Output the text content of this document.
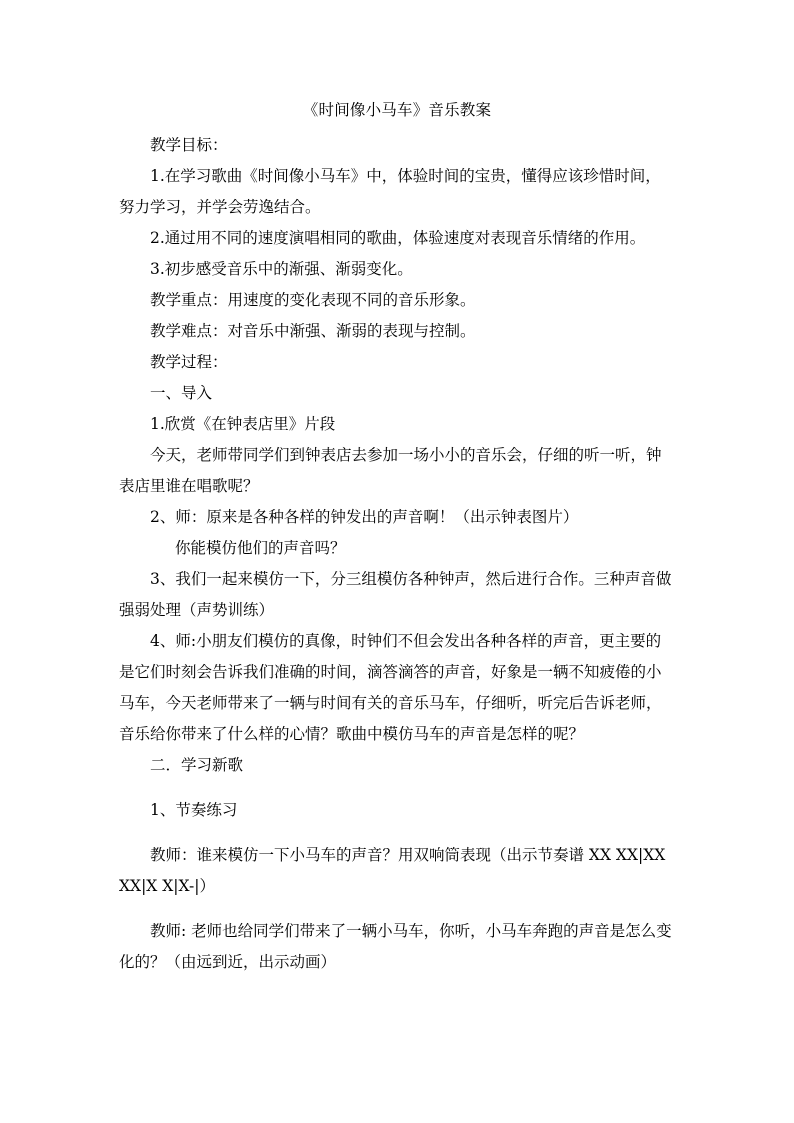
《时间像小马车》音乐教案

教学目标：

1.在学习歌曲《时间像小马车》中，体验时间的宝贵，懂得应该珍惜时间，努力学习，并学会劳逸结合。

2.通过用不同的速度演唱相同的歌曲，体验速度对表现音乐情绪的作用。

3.初步感受音乐中的渐强、渐弱变化。

教学重点：用速度的变化表现不同的音乐形象。

教学难点：对音乐中渐强、渐弱的表现与控制。

教学过程：

一、导入

1.欣赏《在钟表店里》片段

今天，老师带同学们到钟表店去参加一场小小的音乐会，仔细的听一听，钟表店里谁在唱歌呢？

2、师：原来是各种各样的钟发出的声音啊！（出示钟表图片）

你能模仿他们的声音吗？

3、我们一起来模仿一下，分三组模仿各种钟声，然后进行合作。三种声音做强弱处理（声势训练）

4、师:小朋友们模仿的真像，时钟们不但会发出各种各样的声音，更主要的是它们时刻会告诉我们准确的时间，滴答滴答的声音，好象是一辆不知疲倦的小马车，今天老师带来了一辆与时间有关的音乐马车，仔细听，听完后告诉老师，音乐给你带来了什么样的心情？歌曲中模仿马车的声音是怎样的呢？

二．学习新歌

1、节奏练习

教师：谁来模仿一下小马车的声音？用双响筒表现（出示节奏谱 XX XX|XX XX|X X|X-|）

教师: 老师也给同学们带来了一辆小马车，你听，小马车奔跑的声音是怎么变化的？（由远到近，出示动画）
